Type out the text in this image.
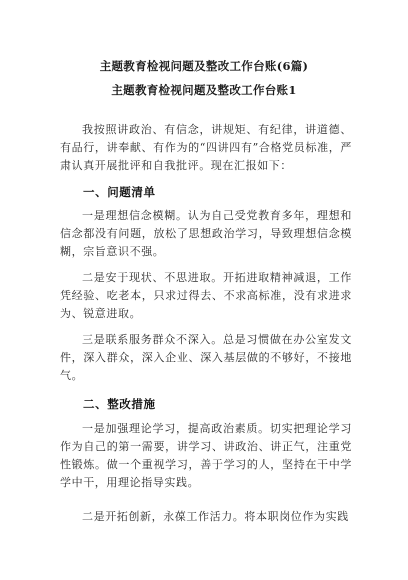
主题教育检视问题及整改工作台账(6篇)
主题教育检视问题及整改工作台账1

我按照讲政治、有信念，讲规矩、有纪律，讲道德、有品行，讲奉献、有作为的“四讲四有”合格党员标准，严肃认真开展批评和自我批评。现在汇报如下：

一、问题清单

一是理想信念模糊。认为自己受党教育多年，理想和信念都没有问题，放松了思想政治学习，导致理想信念模糊，宗旨意识不强。

二是安于现状、不思进取。开拓进取精神减退，工作凭经验、吃老本，只求过得去、不求高标准，没有求进求为、锐意进取。

三是联系服务群众不深入。总是习惯做在办公室发文件，深入群众，深入企业、深入基层做的不够好，不接地气。

二、整改措施

一是加强理论学习，提高政治素质。切实把理论学习作为自己的第一需要，讲学习、讲政治、讲正气，注重党性锻炼。做一个重视学习，善于学习的人，坚持在干中学学中干，用理论指导实践。

二是开拓创新，永葆工作活力。将本职岗位作为实践
